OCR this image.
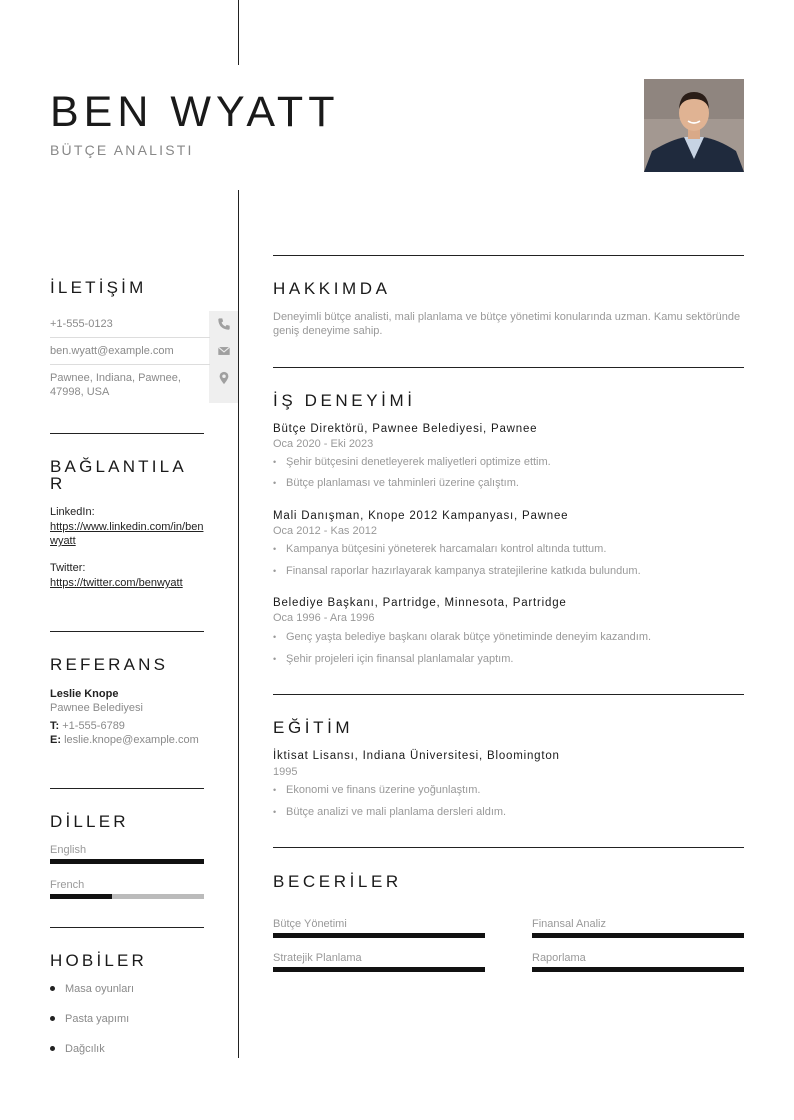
BEN WYATT
BÜTÇE ANALISTI
İLETİŞİM
+1-555-0123
ben.wyatt@example.com
Pawnee, Indiana, Pawnee, 47998, USA
BAĞLANTILA
R
LinkedIn:
https://www.linkedin.com/in/benwyatt
Twitter:
https://twitter.com/benwyatt
REFERANS
Leslie Knope
Pawnee Belediyesi
T: +1-555-6789
E: leslie.knope@example.com
DİLLER
English
French
HOBİLER
Masa oyunları
Pasta yapımı
Dağcılık
HAKKIMDA
Deneyimli bütçe analisti, mali planlama ve bütçe yönetimi konularında uzman. Kamu sektöründe geniş deneyime sahip.
İŞ DENEYİMİ
Bütçe Direktörü, Pawnee Belediyesi, Pawnee
Oca 2020 - Eki 2023
• Şehir bütçesini denetleyerek maliyetleri optimize ettim.
• Bütçe planlaması ve tahminleri üzerine çalıştım.
Mali Danışman, Knope 2012 Kampanyası, Pawnee
Oca 2012 - Kas 2012
• Kampanya bütçesini yöneterek harcamaları kontrol altında tuttum.
• Finansal raporlar hazırlayarak kampanya stratejilerine katkıda bulundum.
Belediye Başkanı, Partridge, Minnesota, Partridge
Oca 1996 - Ara 1996
• Genç yaşta belediye başkanı olarak bütçe yönetiminde deneyim kazandım.
• Şehir projeleri için finansal planlamalar yaptım.
EĞİTİM
İktisat Lisansı, Indiana Üniversitesi, Bloomington
1995
• Ekonomi ve finans üzerine yoğunlaştım.
• Bütçe analizi ve mali planlama dersleri aldım.
BECERİLER
Bütçe Yönetimi	Finansal Analiz
Stratejik Planlama	Raporlama
